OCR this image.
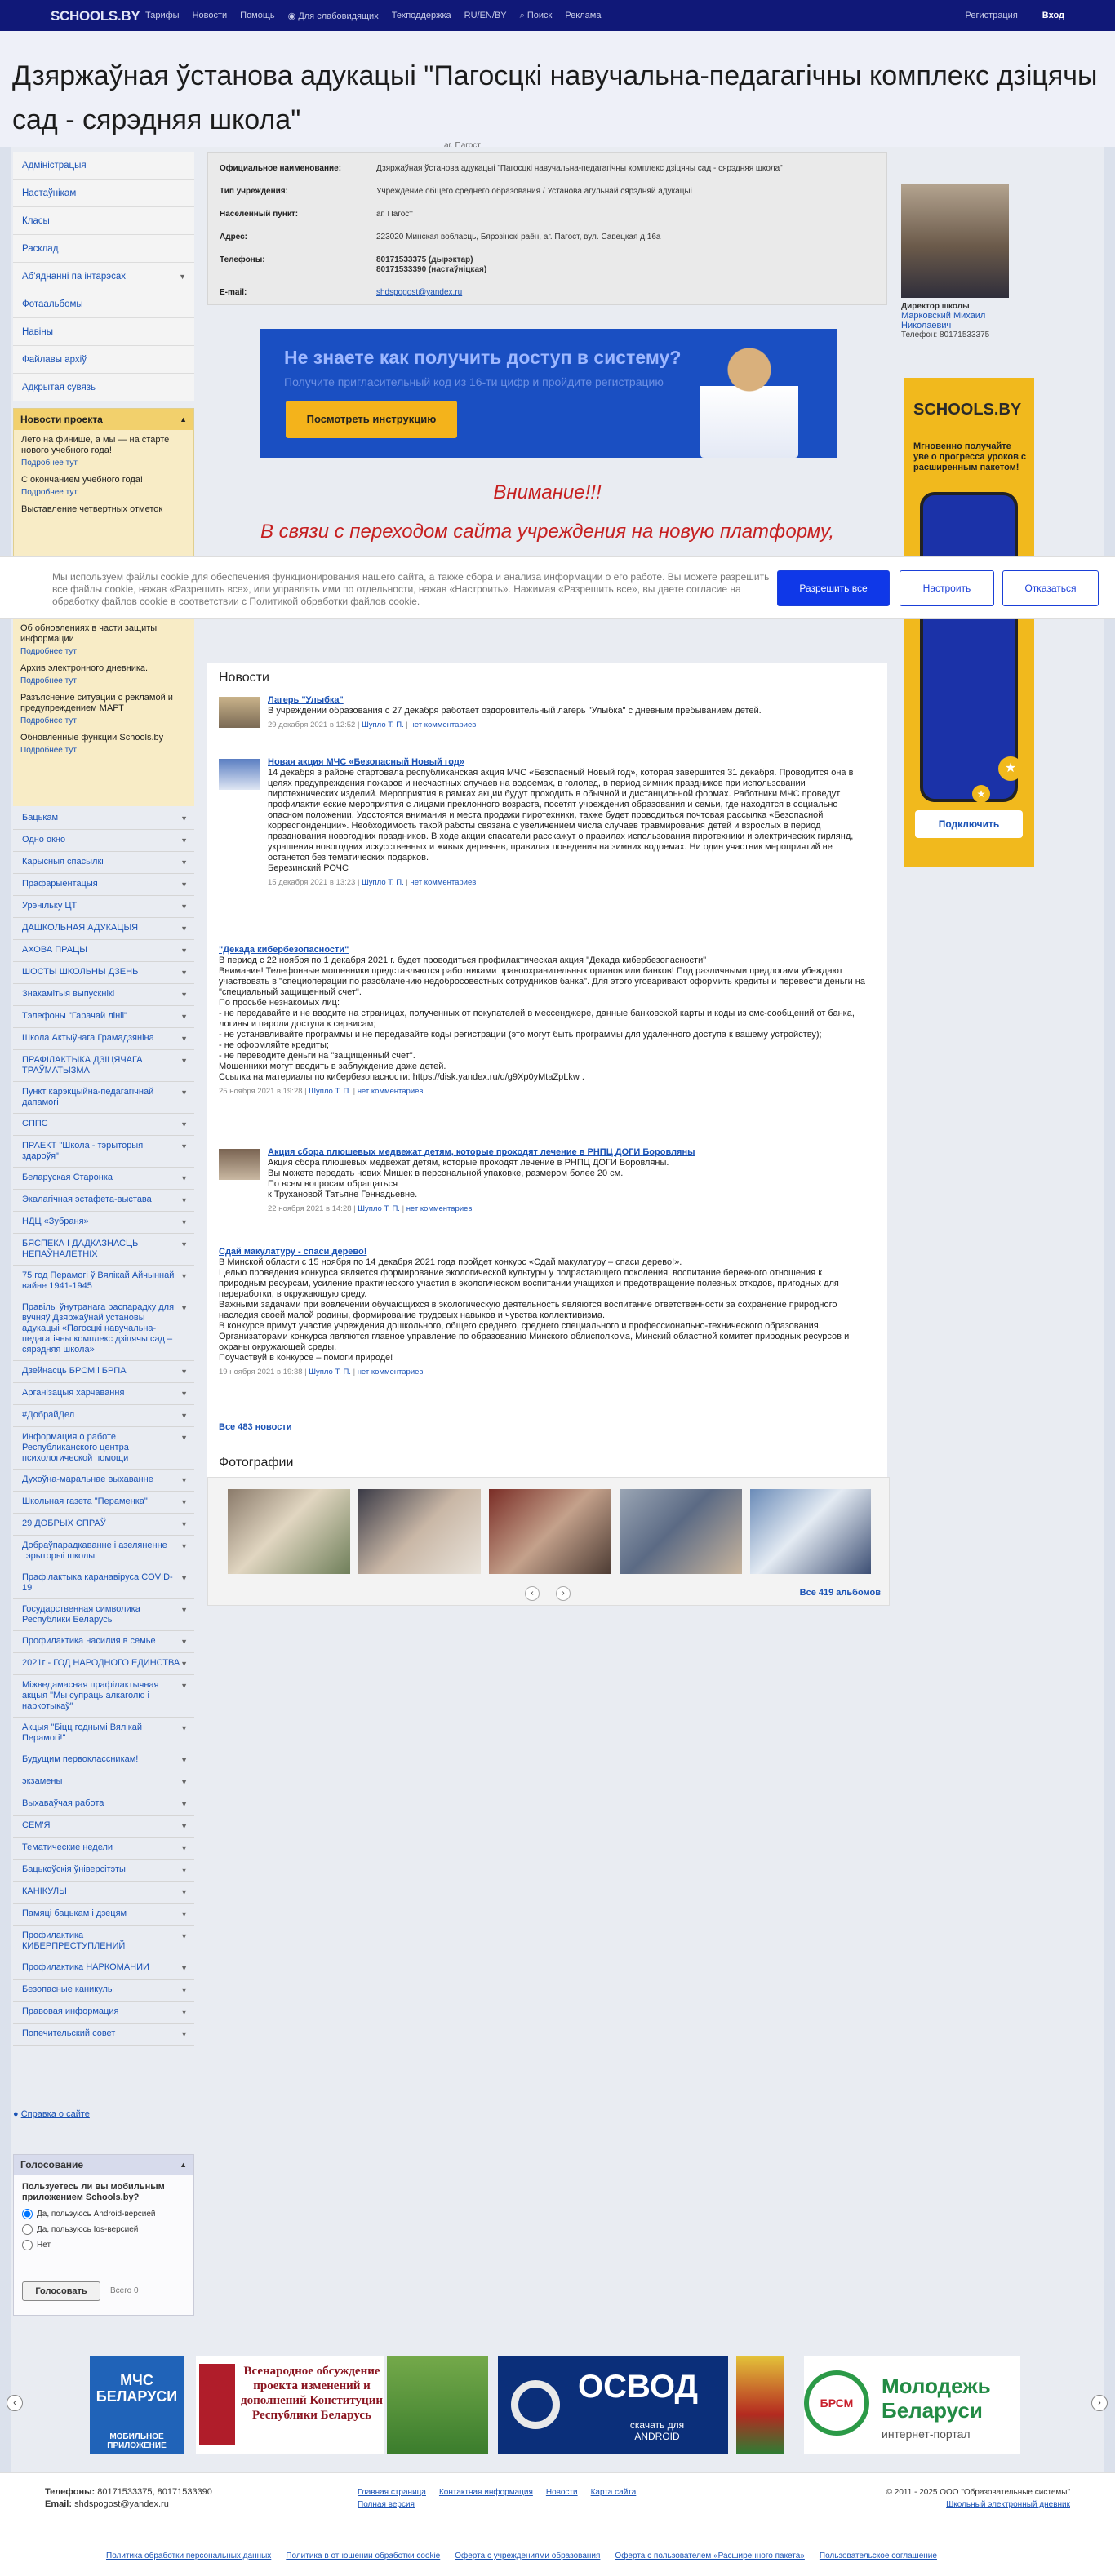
SCHOOLS.BY Тарифы Новости Помощь ◉ Для слабовидящих Техподдержка RU/EN/BY ⌕ Поиск Реклама	Регистрация	Вход
Дзяржаўная ўстанова адукацыі "Пагосцкі навучальна-педагагічны комплекс дзіцячы сад - сярэдняя школа"
аг. Пагост
Адміністрацыя
Настаўнікам
Класы
Расклад
Аб'яднанні па інтарэсах	▼
Фотаальбомы
Навіны
Файлавы архіў
Адкрытая сувязь
Новости проекта	▲
Лето на финише, а мы — на старте нового учебного года!
Подробнее тут
С окончанием учебного года!
Подробнее тут
Выставление четвертных отметок
Внимание!!!
В связи с переходом сайта учреждения на новую платформу,
Официальное наименование:	Дзяржаўная ўстанова адукацыі "Пагосцкі навучальна-педагагічны комплекс дзіцячы сад - сярэдняя школа"
Тип учреждения:	Учреждение общего среднего образования / Установа агульнай сярэдняй адукацыі
Населенный пункт:	аг. Пагост
Адрес:	223020 Минская вобласць, Бярэзінскі раён, аг. Пагост, вул. Савецкая д.16а
Телефоны:	80171533375 (дырэктар)
80171533390 (настаўніцкая)
E-mail:	shdspogost@yandex.ru
Директор школы
Марковский Михаил Николаевич
Телефон: 80171533375
Не знаете как получить доступ в систему?
Получите пригласительный код из 16-ти цифр и пройдите регистрацию
Посмотреть инструкцию
SCHOOLS.BY
Мгновенно получайте уве о прогресса уроков с расширенным пакетом!
★
★
Подключить
Мы используем файлы cookie для обеспечения функционирования нашего сайта, а также сбора и анализа информации о его работе. Вы можете разрешить все файлы cookie, нажав «Разрешить все», или управлять ими по отдельности, нажав «Настроить». Нажимая «Разрешить все», вы даете согласие на обработку файлов cookie в соответствии с Политикой обработки файлов cookie.
Разрешить все	Настроить	Отказаться
Об обновлениях в части защиты информации
Подробнее тут
Архив электронного дневника.
Подробнее тут
Разъяснение ситуации с рекламой и предупреждением МАРТ
Подробнее тут
Обновленные функции Schools.by
Подробнее тут
Бацькам	▼
Одно окно	▼
Карысныя спасылкі	▼
Прафарыентацыя	▼
Урэнільку ЦТ	▼
ДАШКОЛЬНАЯ АДУКАЦЫЯ	▼
АХОВА ПРАЦЫ	▼
ШОСТЫ ШКОЛЬНЫ ДЗЕНЬ	▼
Знакамітыя выпускнікі	▼
Тэлефоны "Гарачай лініі"	▼
Школа Актыўнага Грамадзяніна	▼
ПРАФІЛАКТЫКА ДЗІЦЯЧАГА ТРАЎМАТЫЗМА
▼
Пункт карэкцыйна-педагагічнай дапамогі
▼
СППС	▼
ПРАЕКТ "Школа - тэрыторыя здароўя"
▼
Беларуская Старонка	▼
Экалагічная эстафета-выстава	▼
НДЦ «Зубраня»	▼
БЯСПЕКА І ДАДКАЗНАСЦЬ НЕПАЎНАЛЕТНІХ
▼
75 год Перамогі ў Вялікай Айчыннай вайне 1941-1945
▼
Правілы ўнутранага распарадку для вучняў Дзяржаўнай установы адукацыі «Пагосцкі навучальна-педагагічны комплекс дзіцячы сад – сярэдняя школа»
▼
Дзейнасць БРСМ і БРПА	▼
Арганізацыя харчавання	▼
#ДобрайДел	▼
Информация о работе Республиканского центра психологической помощи
▼
Духоўна-маральнае выхаванне	▼
Школьная газета "Пераменка"	▼
29 ДОБРЫХ СПРАЎ	▼
Добраўпарадкаванне і азеляненне тэрыторыі школы
▼
Прафілактыка каранавіруса COVID-19
▼
Государственная символика Республики Беларусь
▼
Профилактика насилия в семье	▼
2021г - ГОД НАРОДНОГО ЕДИНСТВА ▼
Міжведамасная прафілактычная акцыя "Мы супраць алкаголю і наркотыкаў"
▼
Акцыя "Біцц годнымі Вялікай Перамогі!"
▼
Будущим первоклассникам!	▼
экзамены	▼
Выхаваўчая работа	▼
СЕМ'Я	▼
Тематические недели	▼
Бацькоўскія ўніверсітэты	▼
КАНІКУЛЫ	▼
Памяці бацькам і дзецям	▼
Профилактика КИБЕРПРЕСТУПЛЕНИЙ
▼
Профилактика НАРКОМАНИИ	▼
Безопасные каникулы	▼
Правовая информация	▼
Попечительский совет	▼
● Справка о сайте
Голосование	▲
Пользуетесь ли вы мобильным приложением Schools.by?
Да, пользуюсь Android-версией
Да, пользуюсь Ios-версией
Нет
Голосовать	Всего 0
Новости
Лагерь "Улыбка"
В учреждении образования с 27 декабря работает оздоровительный лагерь "Улыбка" с дневным пребыванием детей.
29 декабря 2021 в 12:52 | Шупло Т. П. | нет комментариев
Новая акция МЧС «Безопасный Новый год»
14 декабря в районе стартовала республиканская акция МЧС «Безопасный Новый год», которая завершится 31 декабря. Проводится она в целях предупреждения пожаров и несчастных случаев на водоемах, в гололед, в период зимних праздников при использовании пиротехнических изделий. Мероприятия в рамках акции будут проходить в обычной и дистанционной формах. Работники МЧС проведут профилактические мероприятия с лицами преклонного возраста, посетят учреждения образования и семьи, где находятся в социально опасном положении. Удостоятся внимания и места продажи пиротехники, также будет проводиться почтовая рассылка «Безопасной корреспонденции». Необходимость такой работы связана с увеличением числа случаев травмирования детей и взрослых в период празднования новогодних праздников. В ходе акции спасатели расскажут о правилах использования пиротехники и электрических гирлянд, украшения новогодних искусственных и живых деревьев, правилах поведения на зимних водоемах. Ни один участник мероприятий не останется без тематических подарков.
Березинский РОЧС
15 декабря 2021 в 13:23 | Шупло Т. П. | нет комментариев
"Декада кибербезопасности"
В период с 22 ноября по 1 декабря 2021 г. будет проводиться профилактическая акция "Декада кибербезопасности"
Внимание! Телефонные мошенники представляются работниками правоохранительных органов или банков! Под различными предлогами убеждают участвовать в "специоперации по разоблачению недобросовестных сотрудников банка". Для этого уговаривают оформить кредиты и перевести деньги на "специальный защищенный счет".
По просьбе незнакомых лиц:
- не передавайте и не вводите на страницах, полученных от покупателей в мессенджере, данные банковской карты и коды из смс-сообщений от банка, логины и пароли доступа к сервисам;
- не устанавливайте программы и не передавайте коды регистрации (это могут быть программы для удаленного доступа к вашему устройству);
- не оформляйте кредиты;
- не переводите деньги на "защищенный счет".
Мошенники могут вводить в заблуждение даже детей.
Ссылка на материалы по кибербезопасности: https://disk.yandex.ru/d/g9Xp0yMtaZpLkw .
25 ноября 2021 в 19:28 | Шупло Т. П. | нет комментариев
Акция сбора плюшевых медвежат детям, которые проходят лечение в РНПЦ ДОГИ Боровляны
Акция сбора плюшевых медвежат детям, которые проходят лечение в РНПЦ ДОГИ Боровляны.
Вы можете передать нових Мишек в персональной упаковке, размером более 20 см.
По всем вопросам обращаться
к Трухановой Татьяне Геннадьевне.
22 ноября 2021 в 14:28 | Шупло Т. П. | нет комментариев
Сдай макулатуру - спаси дерево!
В Минской области с 15 ноября по 14 декабря 2021 года пройдет конкурс «Сдай макулатуру – спаси дерево!».
Целью проведения конкурса является формирование экологической культуры у подрастающего поколения, воспитание бережного отношения к природным ресурсам, усиление практического участия в экологическом воспитании учащихся и предотвращение полезных отходов, пригодных для переработки, в окружающую среду.
Важными задачами при вовлечении обучающихся в экологическую деятельность являются воспитание ответственности за сохранение природного наследия своей малой родины, формирование трудовых навыков и чувства коллективизма.
В конкурсе примут участие учреждения дошкольного, общего среднего, среднего специального и профессионально-технического образования.
Организаторами конкурса являются главное управление по образованию Минского облисполкома, Минский областной комитет природных ресурсов и охраны окружающей среды.
Поучаствуй в конкурсе – помоги природе!
19 ноября 2021 в 19:38 | Шупло Т. П. | нет комментариев
Все 483 новости
Фотографии
‹	›	Все 419 альбомов
‹	›
МЧС БЕЛАРУСИ
МОБИЛЬНОЕ ПРИЛОЖЕНИЕ
Всенародное обсуждение проекта изменений и дополнений Конституции Республики Беларусь
ОСВОД
скачать для ANDROID
БРСМ
Молодежь Беларуси
интернет-портал
Телефоны: 80171533375, 80171533390
Email: shdspogost@yandex.ru
Главная страница Контактная информация Новости Карта сайта
Полная версия
© 2011 - 2025 ООО "Образовательные системы"
Школьный электронный дневник
Политика обработки персональных данных Политика в отношении обработки cookie Оферта с учреждениями образования Оферта с пользователем «Расширенного пакета» Пользовательское соглашение
